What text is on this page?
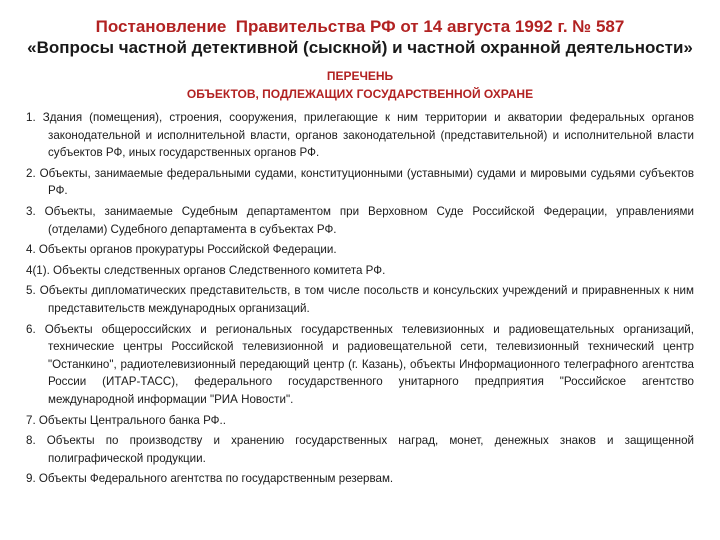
Постановление  Правительства РФ от 14 августа 1992 г. № 587
«Вопросы частной детективной (сыскной) и частной охранной деятельности»
ПЕРЕЧЕНЬ
ОБЪЕКТОВ, ПОДЛЕЖАЩИХ ГОСУДАРСТВЕННОЙ ОХРАНЕ

1. Здания (помещения), строения, сооружения, прилегающие к ним территории и акватории федеральных органов законодательной и исполнительной власти, органов законодательной (представительной) и исполнительной власти субъектов РФ, иных государственных органов РФ.

2. Объекты, занимаемые федеральными судами, конституционными (уставными) судами и мировыми судьями субъектов РФ.

3. Объекты, занимаемые Судебным департаментом при Верховном Суде Российской Федерации, управлениями (отделами) Судебного департамента в субъектах РФ.

4. Объекты органов прокуратуры Российской Федерации.

4(1). Объекты следственных органов Следственного комитета РФ.

5. Объекты дипломатических представительств, в том числе посольств и консульских учреждений и приравненных к ним представительств международных организаций.

6. Объекты общероссийских и региональных государственных телевизионных и радиовещательных организаций, технические центры Российской телевизионной и радиовещательной сети, телевизионный технический центр "Останкино", радиотелевизионный передающий центр (г. Казань), объекты Информационного телеграфного агентства России (ИТАР-ТАСС), федерального государственного унитарного предприятия "Российское агентство международной информации "РИА Новости".

7. Объекты Центрального банка РФ..

8. Объекты по производству и хранению государственных наград, монет, денежных знаков и защищенной полиграфической продукции.

9. Объекты Федерального агентства по государственным резервам.
